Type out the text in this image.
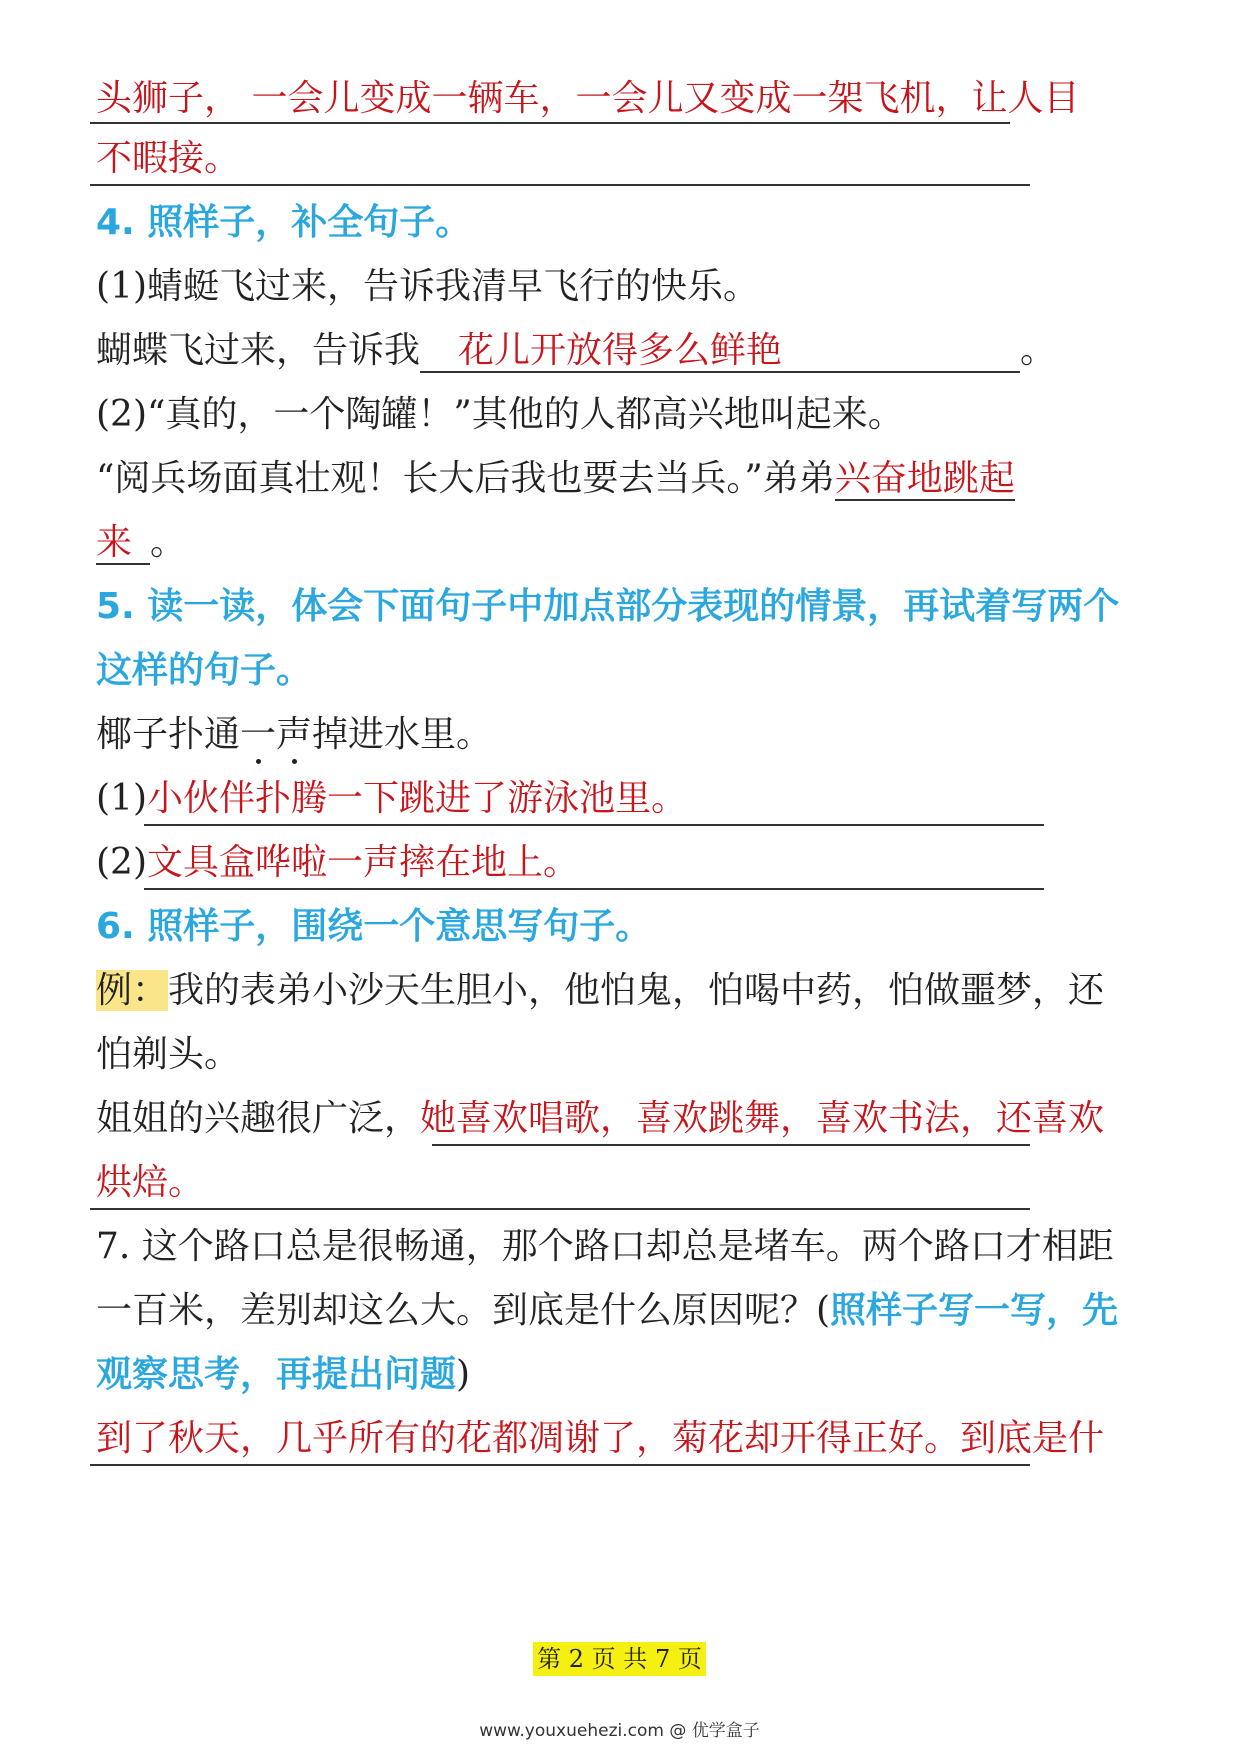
头狮子， 一会儿变成一辆车，一会儿又变成一架飞机，让人目
不暇接。
4. 照样子，补全句子。
(1)蜻蜓飞过来，告诉我清早飞行的快乐。
蝴蝶飞过来，告诉我 花儿开放得多么鲜艳	。
(2)“真的，一个陶罐！”其他的人都高兴地叫起来。
“阅兵场面真壮观！长大后我也要去当兵。”弟弟兴奋地跳起
来 。
5. 读一读，体会下面句子中加点部分表现的情景，再试着写两个
这样的句子。
椰子扑通一声掉进水里。
(1)小伙伴扑腾一下跳进了游泳池里。
(2)文具盒哗啦一声摔在地上。
6. 照样子，围绕一个意思写句子。
例：我的表弟小沙天生胆小，他怕鬼，怕喝中药，怕做噩梦，还
怕剃头。
姐姐的兴趣很广泛，她喜欢唱歌，喜欢跳舞，喜欢书法，还喜欢
烘焙。
7. 这个路口总是很畅通，那个路口却总是堵车。两个路口才相距
一百米，差别却这么大。到底是什么原因呢？(照样子写一写，先
观察思考，再提出问题)
到了秋天，几乎所有的花都凋谢了，菊花却开得正好。到底是什
第 2 页 共 7 页
www.youxuehezi.com @ 优学盒子
